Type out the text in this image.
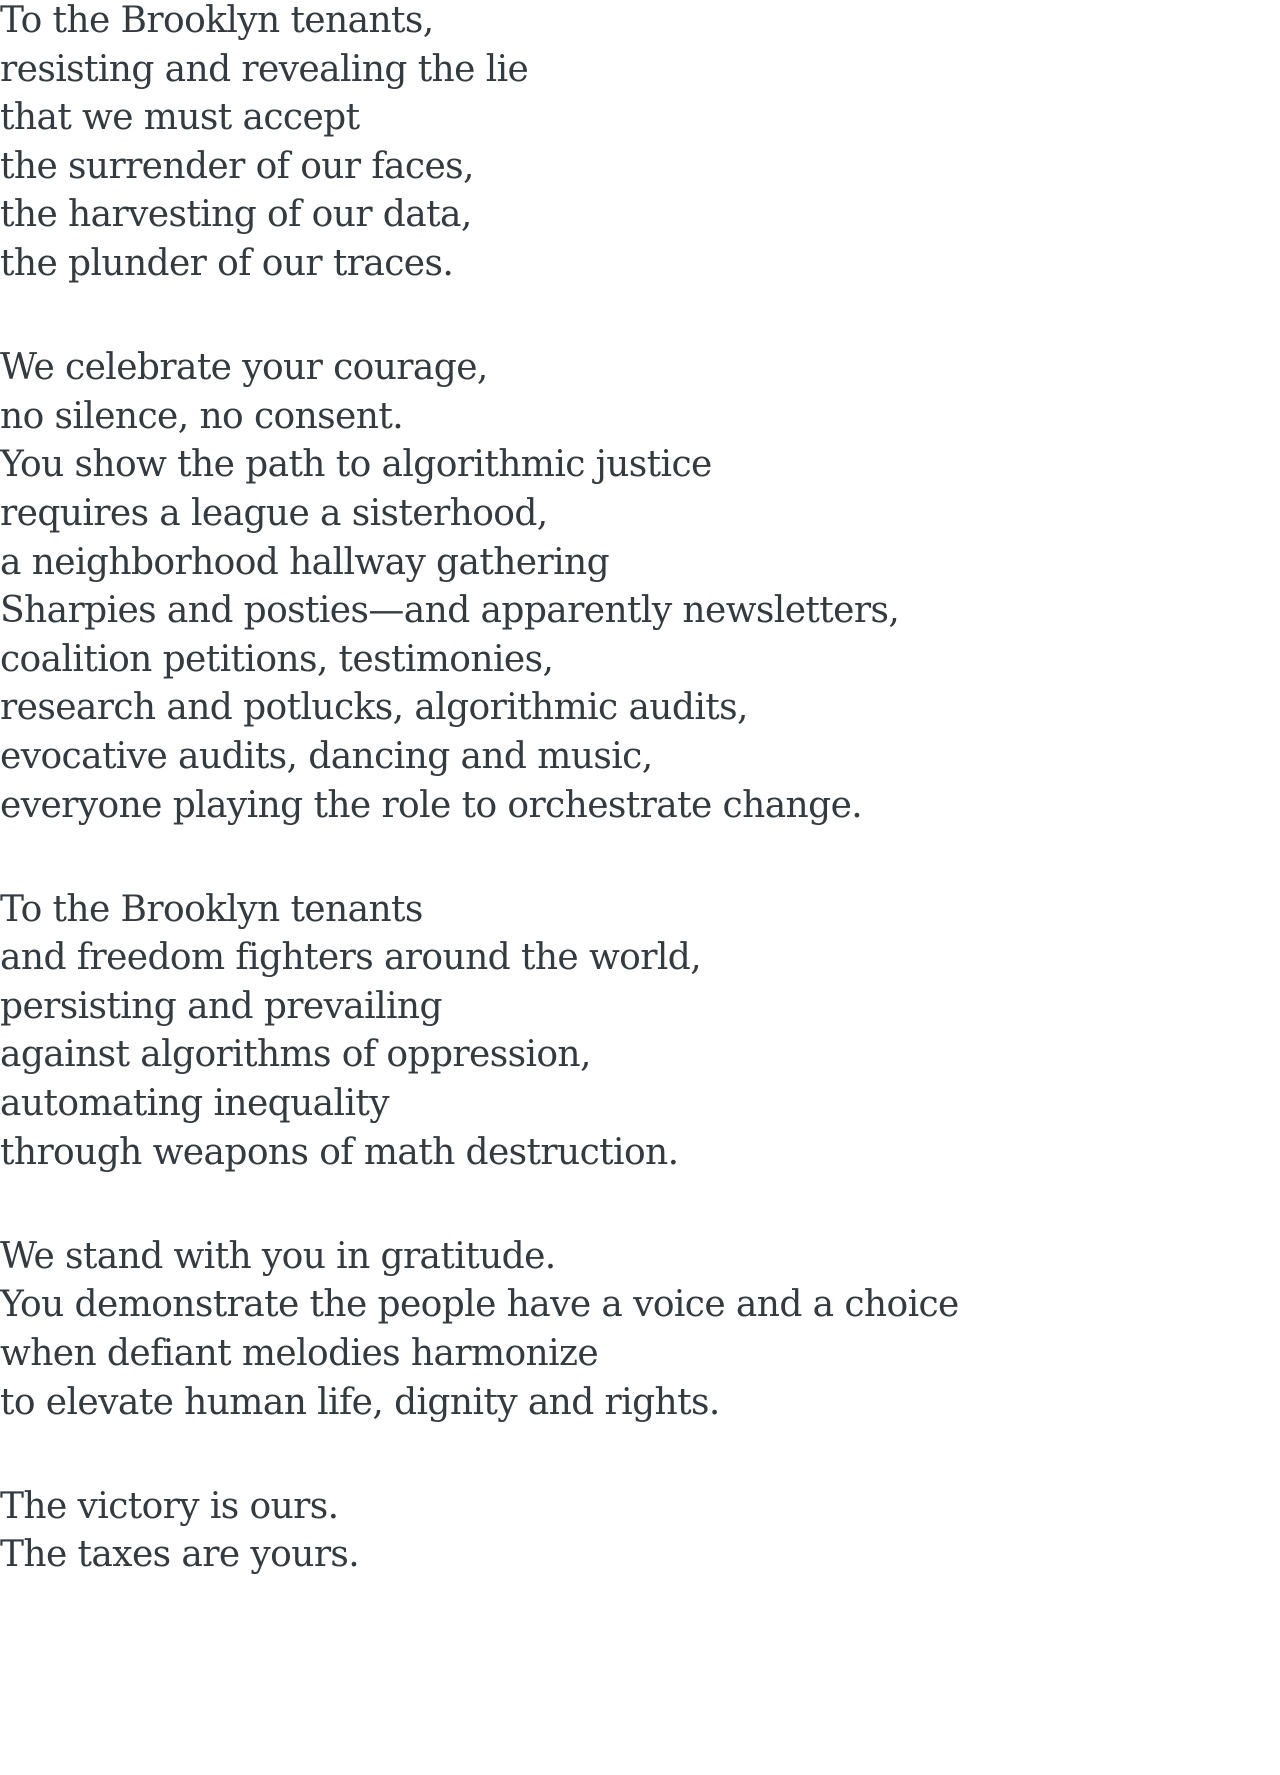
To the Brooklyn tenants,
resisting and revealing the lie
that we must accept
the surrender of our faces,
the harvesting of our data,
the plunder of our traces.
We celebrate your courage,
no silence, no consent.
You show the path to algorithmic justice
requires a league a sisterhood,
a neighborhood hallway gathering
Sharpies and posties—and apparently newsletters,
coalition petitions, testimonies,
research and potlucks, algorithmic audits,
evocative audits, dancing and music,
everyone playing the role to orchestrate change.
To the Brooklyn tenants
and freedom fighters around the world,
persisting and prevailing
against algorithms of oppression,
automating inequality
through weapons of math destruction.
We stand with you in gratitude.
You demonstrate the people have a voice and a choice
when defiant melodies harmonize
to elevate human life, dignity and rights.
The victory is ours.
The taxes are yours.
